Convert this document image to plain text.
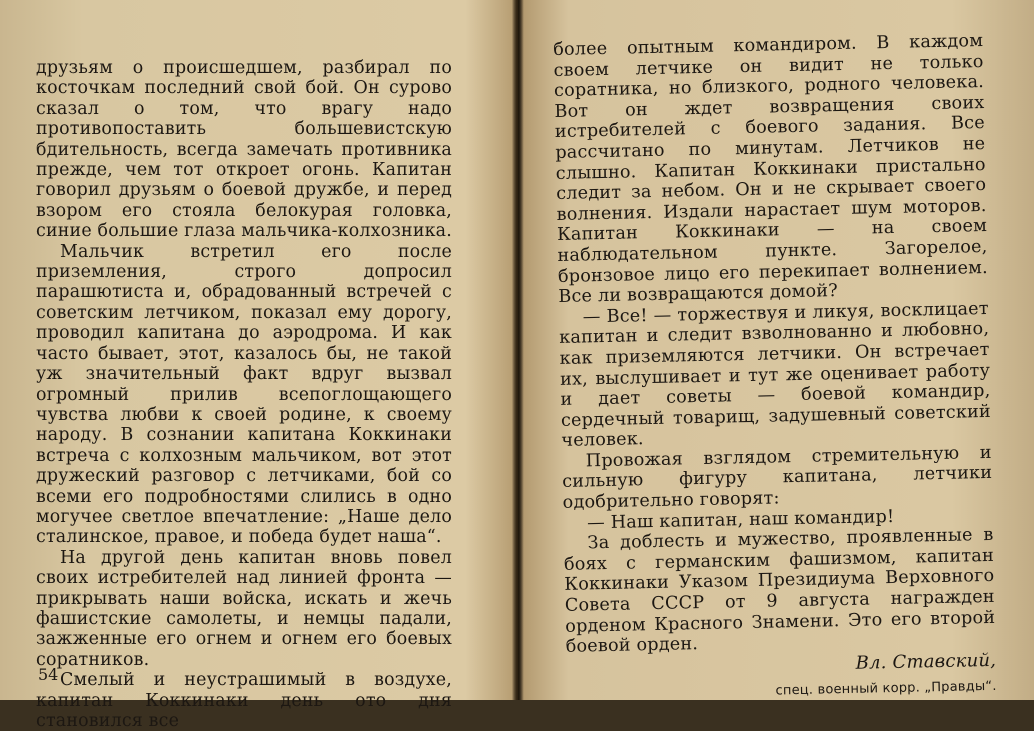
друзьям о происшедшем, разбирал по косточкам последний свой бой. Он сурово сказал о том, что врагу надо противопоставить большевистскую бдительность, всегда замечать противника прежде, чем тот откроет огонь. Капитан говорил друзьям о боевой дружбе, и перед взором его стояла белокурая головка, синие большие глаза мальчика-колхозника.

Мальчик встретил его после приземления, строго допросил парашютиста и, обрадованный встречей с советским летчиком, показал ему дорогу, проводил капитана до аэродрома. И как часто бывает, этот, казалось бы, не такой уж значительный факт вдруг вызвал огромный прилив всепоглощающего чувства любви к своей родине, к своему народу. В сознании капитана Коккинаки встреча с колхозным мальчиком, вот этот дружеский разговор с летчиками, бой со всеми его подробностями слились в одно могучее светлое впечатление: „Наше дело сталинское, правое, и победа будет наша“.

На другой день капитан вновь повел своих истребителей над линией фронта — прикрывать наши войска, искать и жечь фашистские самолеты, и немцы падали, зажженные его огнем и огнем его боевых соратников.

Смелый и неустрашимый в воздухе, капитан Коккинаки день ото дня становился все

54

более опытным командиром. В каждом своем летчике он видит не только соратника, но близкого, родного человека. Вот он ждет возвращения своих истребителей с боевого задания. Все рассчитано по минутам. Летчиков не слышно. Капитан Коккинаки пристально следит за небом. Он и не скрывает своего волнения. Издали нарастает шум моторов. Капитан Коккинаки — на своем наблюдательном пункте. Загорелое, бронзовое лицо его перекипает волнением. Все ли возвращаются домой?

— Все! — торжествуя и ликуя, восклицает капитан и следит взволнованно и любовно, как приземляются летчики. Он встречает их, выслушивает и тут же оценивает работу и дает советы — боевой командир, сердечный товарищ, задушевный советский человек.

Провожая взглядом стремительную и сильную фигуру капитана, летчики одобрительно говорят:

— Наш капитан, наш командир!

За доблесть и мужество, проявленные в боях с германским фашизмом, капитан Коккинаки Указом Президиума Верховного Совета СССР от 9 августа награжден орденом Красного Знамени. Это его второй боевой орден.

Вл. Ставский,
спец. военный корр. „Правды“.
